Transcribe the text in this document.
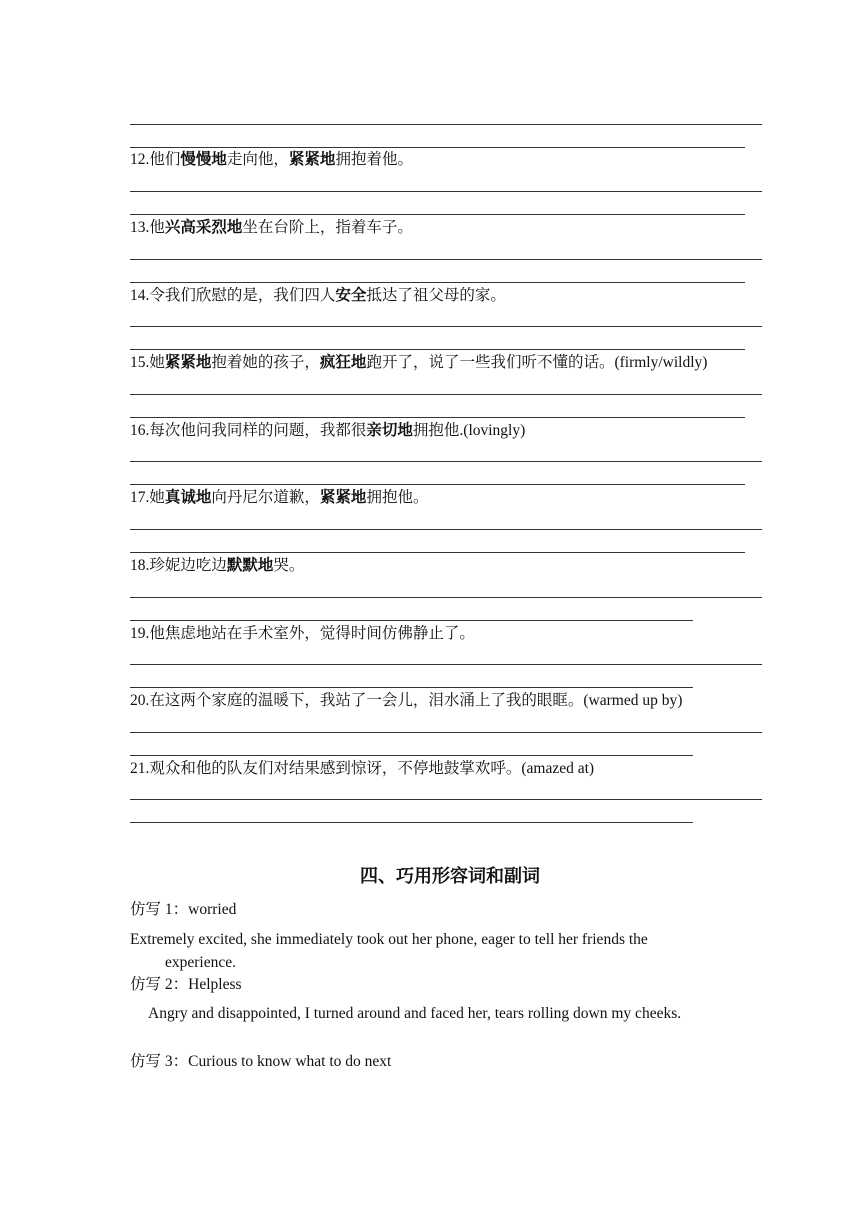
12.他们慢慢地走向他，紧紧地拥抱着他。
13.他兴高采烈地坐在台阶上，指着车子。
14.令我们欣慰的是，我们四人安全抵达了祖父母的家。
15.她紧紧地抱着她的孩子，疯狂地跑开了，说了一些我们听不懂的话。(firmly/wildly)
16.每次他问我同样的问题，我都很亲切地拥抱他.(lovingly)
17.她真诚地向丹尼尔道歉，紧紧地拥抱他。
18.珍妮边吃边默默地哭。
19.他焦虑地站在手术室外，觉得时间仿佛静止了。
20.在这两个家庭的温暖下，我站了一会儿，泪水涌上了我的眼眶。(warmed up by)
21.观众和他的队友们对结果感到惊讶，不停地鼓掌欢呼。(amazed at)
四、巧用形容词和副词
仿写 1：worried
Extremely excited, she immediately took out her phone, eager to tell her friends the
experience.
仿写 2：Helpless
Angry and disappointed, I turned around and faced her, tears rolling down my cheeks.
仿写 3：Curious to know what to do next
